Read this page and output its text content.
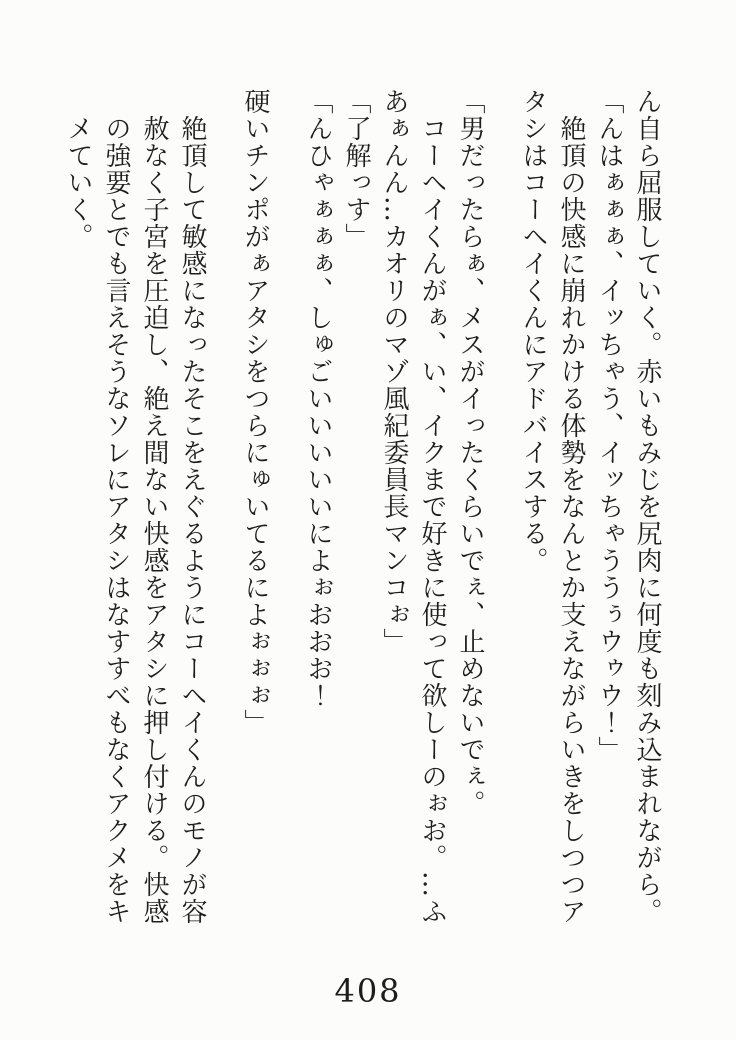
ん自ら屈服していく。赤いもみじを尻肉に何度も刻み込まれながら。

「んはぁぁぁ、イッちゃう、イッちゃううぅウゥウ！」

　絶頂の快感に崩れかける体勢をなんとか支えながらいきをしつつア

タシはコーヘイくんにアドバイスする。

「男だったらぁ、メスがイったくらいでぇ、止めないでぇ。

　コーヘイくんがぁ、い、イクまで好きに使って欲しーのぉお。…ふ

あぁんん…カオリのマゾ風紀委員長マンコぉ」

「了解っす」

「んひゃぁぁぁ、しゅごいいいいいによぉおおお！

硬いチンポがぁアタシをつらにゅいてるによぉぉぉ」

　絶頂して敏感になったそこをえぐるようにコーヘイくんのモノが容

　赦なく子宮を圧迫し、絶え間ない快感をアタシに押し付ける。快感

　の強要とでも言えそうなソレにアタシはなすすべもなくアクメをキ

　メていく。

408
